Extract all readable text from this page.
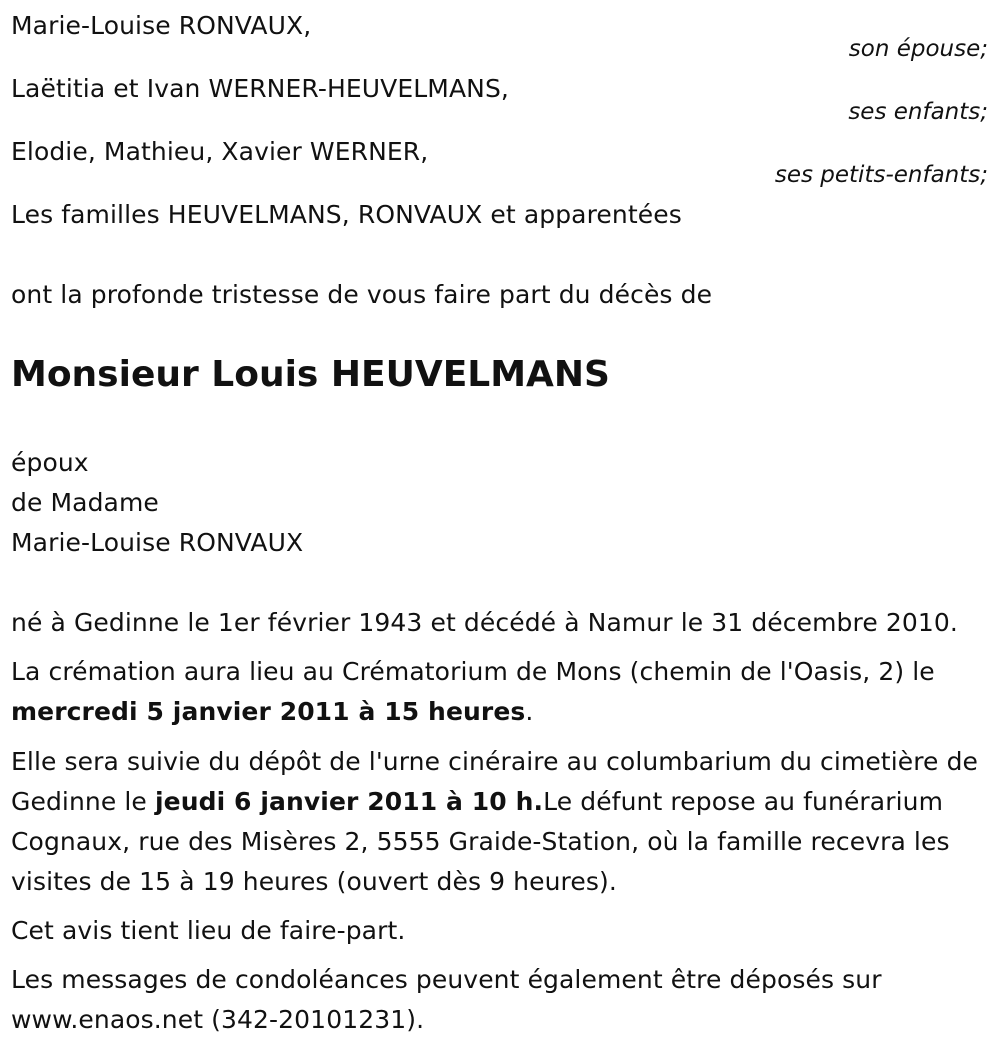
Marie-Louise RONVAUX,
son épouse;
Laëtitia et Ivan WERNER-HEUVELMANS,
ses enfants;
Elodie, Mathieu, Xavier WERNER,
ses petits-enfants;
Les familles HEUVELMANS, RONVAUX et apparentées
ont la profonde tristesse de vous faire part du décès de
Monsieur Louis HEUVELMANS
époux
de Madame
Marie-Louise RONVAUX
né à Gedinne le 1er février 1943 et décédé à Namur le 31 décembre 2010.
La crémation aura lieu au Crématorium de Mons (chemin de l'Oasis, 2) le
mercredi 5 janvier 2011 à 15 heures.
Elle sera suivie du dépôt de l'urne cinéraire au columbarium du cimetière de Gedinne le jeudi 6 janvier 2011 à 10 h.Le défunt repose au funérarium Cognaux, rue des Misères 2, 5555 Graide-Station, où la famille recevra les visites de 15 à 19 heures (ouvert dès 9 heures).
Cet avis tient lieu de faire-part.
Les messages de condoléances peuvent également être déposés sur www.enaos.net (342-20101231).
